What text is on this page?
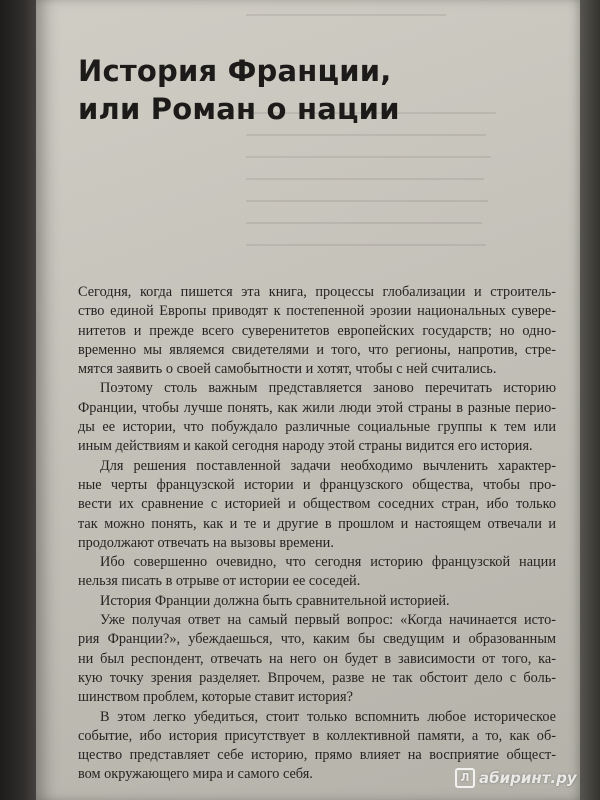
История Франции,
или Роман о нации

Сегодня, когда пишется эта книга, процессы глобализации и строитель-
ство единой Европы приводят к постепенной эрозии национальных сувере-
нитетов и прежде всего суверенитетов европейских государств; но одно-
временно мы являемся свидетелями и того, что регионы, напротив, стре-
мятся заявить о своей самобытности и хотят, чтобы с ней считались.

Поэтому столь важным представляется заново перечитать историю
Франции, чтобы лучше понять, как жили люди этой страны в разные перио-
ды ее истории, что побуждало различные социальные группы к тем или
иным действиям и какой сегодня народу этой страны видится его история.

Для решения поставленной задачи необходимо вычленить характер-
ные черты французской истории и французского общества, чтобы про-
вести их сравнение с историей и обществом соседних стран, ибо только
так можно понять, как и те и другие в прошлом и настоящем отвечали и
продолжают отвечать на вызовы времени.

Ибо совершенно очевидно, что сегодня историю французской нации
нельзя писать в отрыве от истории ее соседей.

История Франции должна быть сравнительной историей.

Уже получая ответ на самый первый вопрос: «Когда начинается исто-
рия Франции?», убеждаешься, что, каким бы сведущим и образованным
ни был респондент, отвечать на него он будет в зависимости от того, ка-
кую точку зрения разделяет. Впрочем, разве не так обстоит дело с боль-
шинством проблем, которые ставит история?

В этом легко убедиться, стоит только вспомнить любое историческое
событие, ибо история присутствует в коллективной памяти, а то, как об-
щество представляет себе историю, прямо влияет на восприятие общест-
вом окружающего мира и самого себя.	Л абиринт.ру
